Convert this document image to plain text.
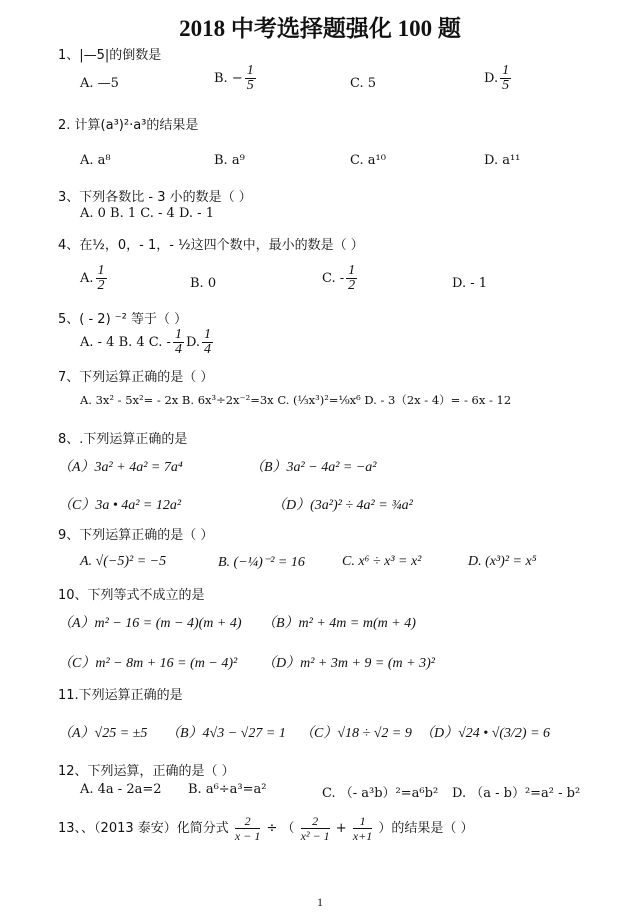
2018 中考选择题强化 100 题
1、|—5|的倒数是
A. —5	B. − $\frac{1}{5}$	C. 5	D. $\frac{1}{5}$
2. 计算(a³)²·a³的结果是
A. a⁸	B. a⁹	C. a¹⁰	D. a¹¹
3、下列各数比 - 3 小的数是（ ）
A. 0 B. 1 C. - 4 D. - 1
4、在½，0，- 1，- ½这四个数中，最小的数是（ ）
A. $\frac{1}{2}$	B. 0	C. - $\frac{1}{2}$	D. - 1
5、( - 2) ⁻² 等于（ ）
A. - 4 B. 4 C. - $\frac{1}{4} D$. $\frac{1}{4}$
7、下列运算正确的是（ ）
A. 3x² - 5x²= - 2x B. 6x³÷2x⁻²=3x C. (⅓x³)²=⅑x⁶ D. - 3（2x - 4）= - 6x - 12
8、.下列运算正确的是
（A）3a² + 4a² = 7a⁴	（B）3a² − 4a² = −a²
（C）3a • 4a² = 12a²	（D）(3a²)² ÷ 4a² = ¾a²
9、下列运算正确的是（ ）
A. √(−5)² = −5	B. (−¼)⁻² = 16	C. x⁶ ÷ x³ = x²	D. (x³)² = x⁵
10、下列等式不成立的是
（A）m² − 16 = (m − 4)(m + 4) （B）m² + 4m = m(m + 4)
（C）m² − 8m + 16 = (m − 4)² （D）m² + 3m + 9 = (m + 3)²
11.下列运算正确的是
（A）√25 = ±5 （B）4√3 − √27 = 1 （C）√18 ÷ √2 = 9 （D）√24 • √(3/2) = 6
12、下列运算，正确的是（ ）
A. 4a - 2a=2 B. a⁶÷a³=a²	C. （- a³b）²=a⁶b² D. （a - b）²=a² - b²
13、、（2013 泰安）化简分式 $\frac{2}{x - 1}$ ÷ （ $\frac{2}{\text{x² − 1}} + \frac{1}{x+1}$ ）的结果是（ ）
1
